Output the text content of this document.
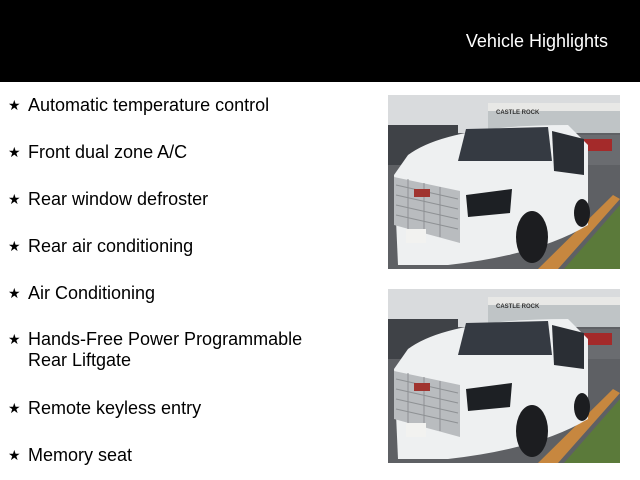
Vehicle Highlights
★ Automatic temperature control
★ Front dual zone A/C
★ Rear window defroster
★ Rear air conditioning
★ Air Conditioning
★ Hands-Free Power Programmable
Rear Liftgate
★ Remote keyless entry
★ Memory seat
CASTLE ROCK
CASTLE ROCK
